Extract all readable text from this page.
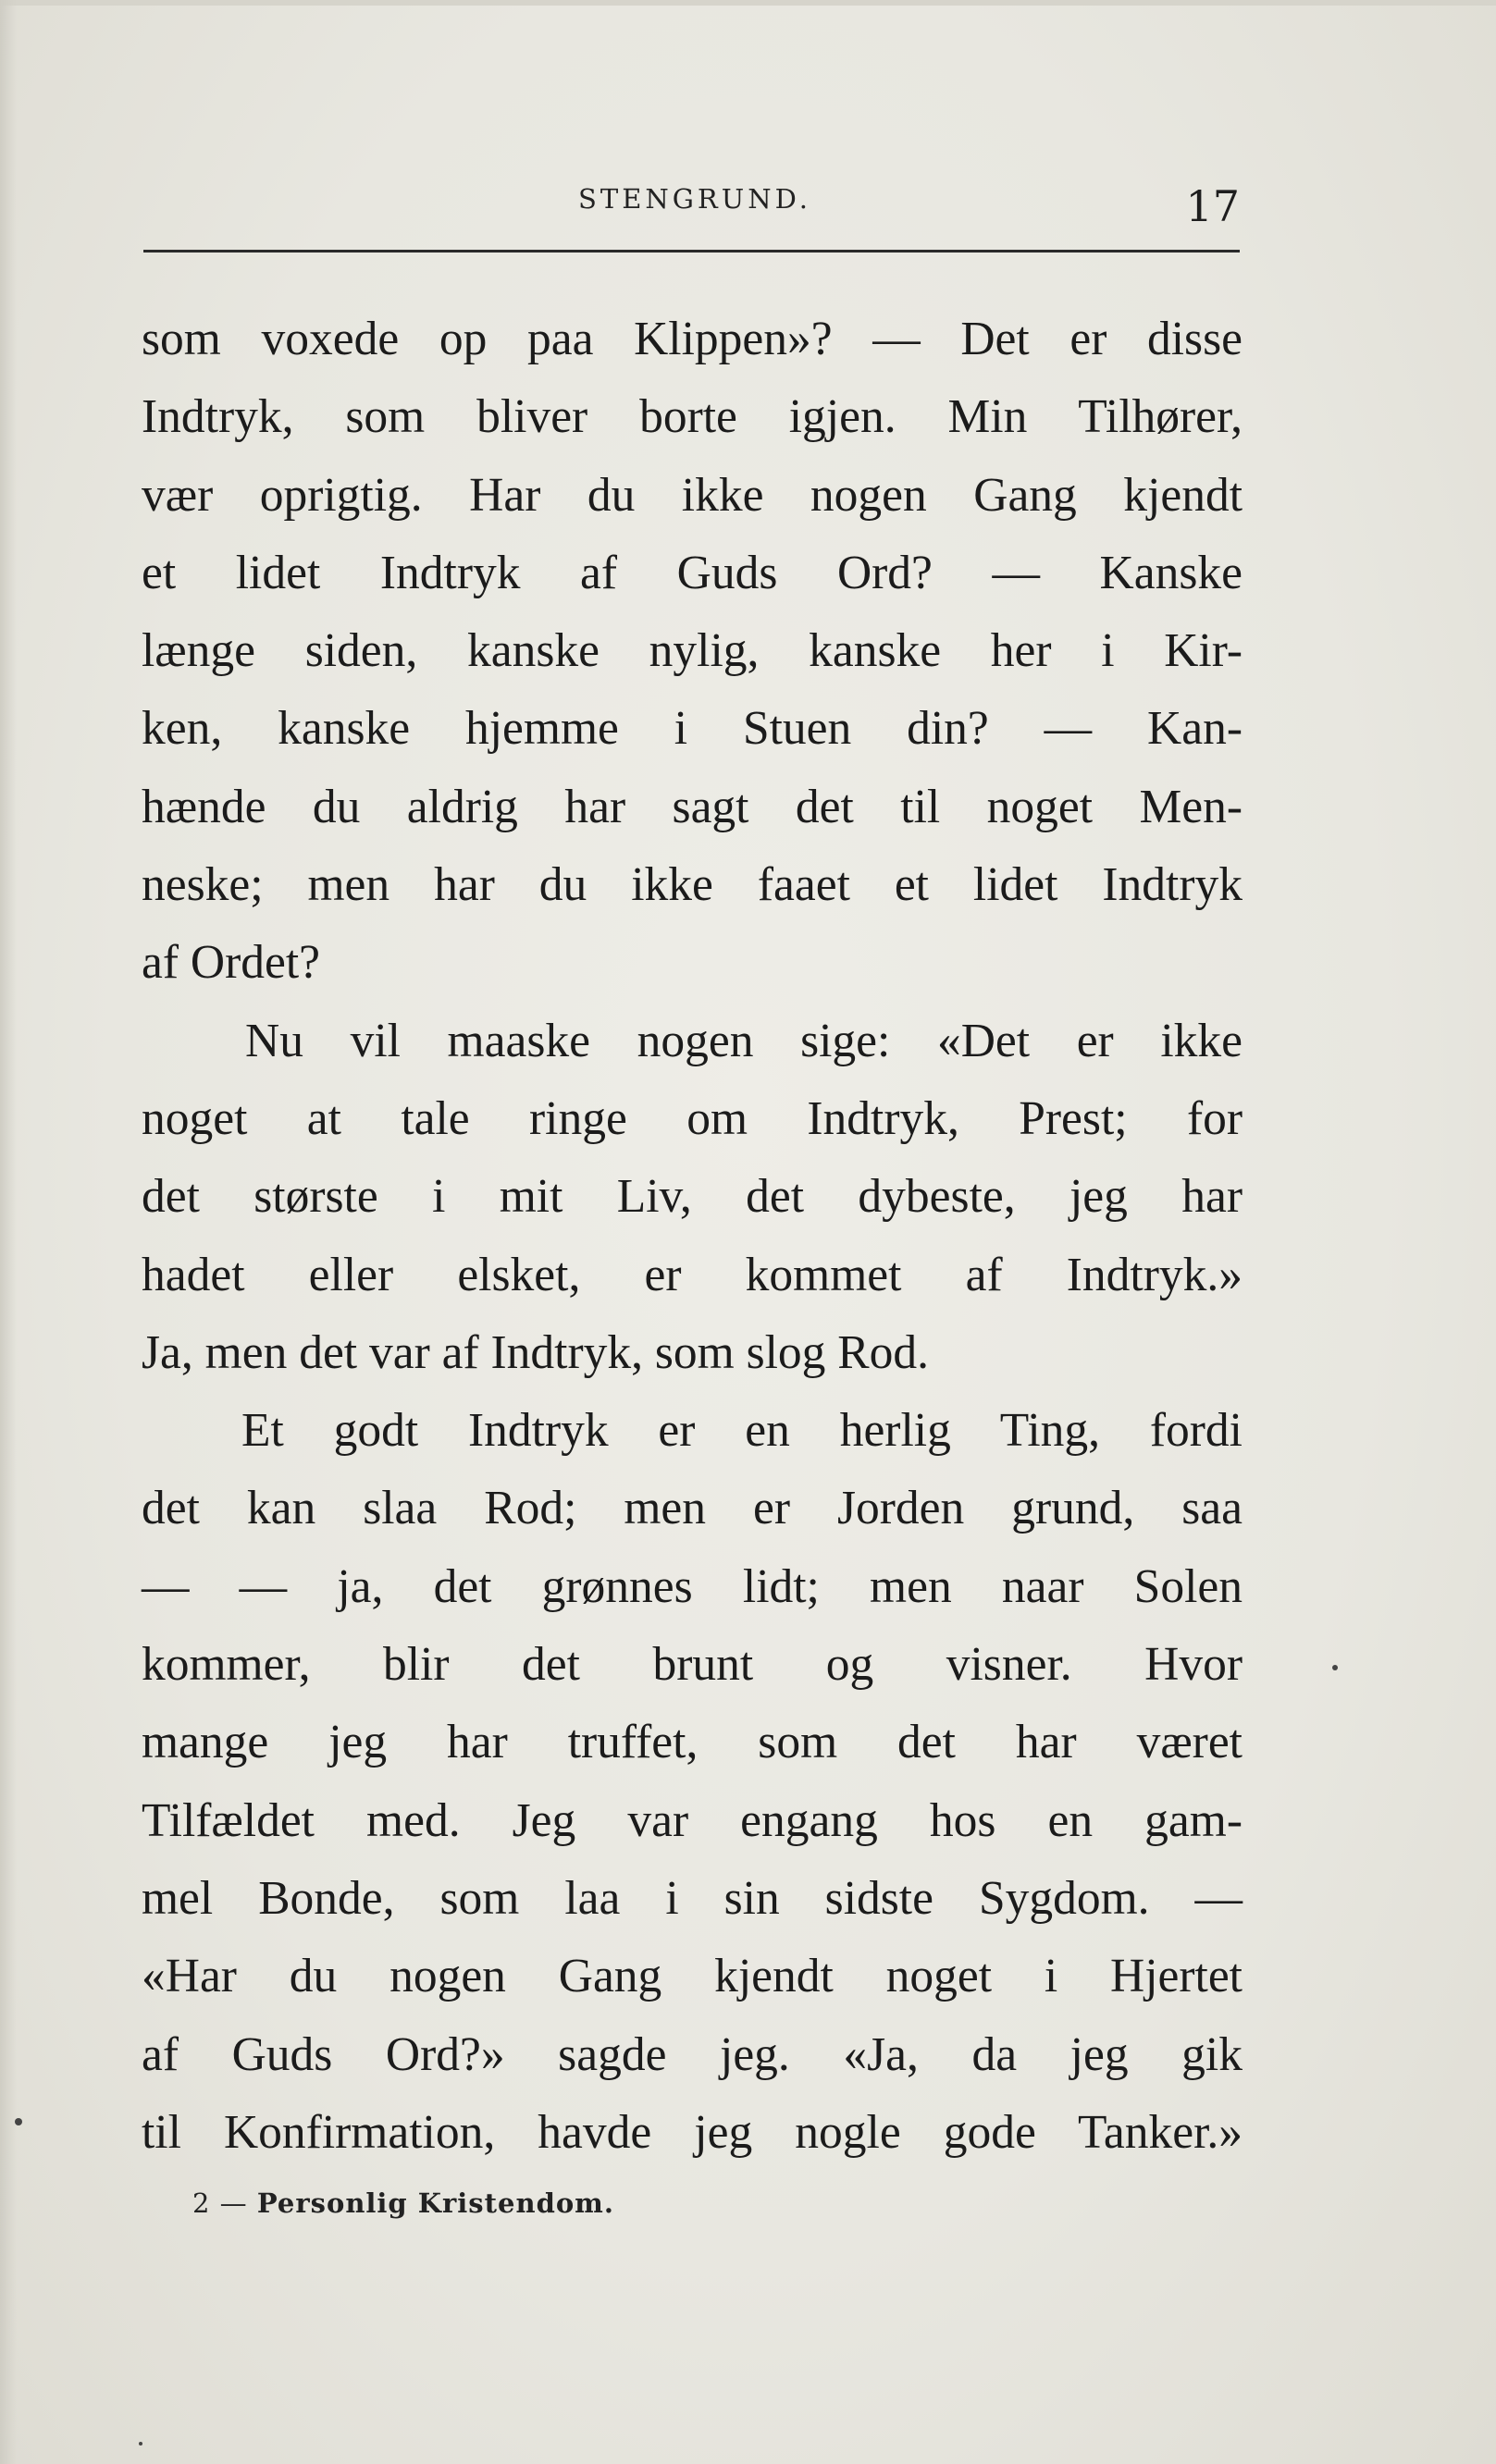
STENGRUND.	17
som voxede op paa Klippen»? — Det er disse
Indtryk, som bliver borte igjen. Min Tilhører,
vær oprigtig. Har du ikke nogen Gang kjendt
et lidet Indtryk af Guds Ord? — Kanske
længe siden, kanske nylig, kanske her i Kir-
ken, kanske hjemme i Stuen din? — Kan-
hænde du aldrig har sagt det til noget Men-
neske; men har du ikke faaet et lidet Indtryk
af Ordet?
Nu vil maaske nogen sige: «Det er ikke
noget at tale ringe om Indtryk, Prest; for
det største i mit Liv, det dybeste, jeg har
hadet eller elsket, er kommet af Indtryk.»
Ja, men det var af Indtryk, som slog Rod.
Et godt Indtryk er en herlig Ting, fordi
det kan slaa Rod; men er Jorden grund, saa
— — ja, det grønnes lidt; men naar Solen
kommer, blir det brunt og visner. Hvor
mange jeg har truffet, som det har været
Tilfældet med. Jeg var engang hos en gam-
mel Bonde, som laa i sin sidste Sygdom. —
«Har du nogen Gang kjendt noget i Hjertet
af Guds Ord?» sagde jeg. «Ja, da jeg gik
til Konfirmation, havde jeg nogle gode Tanker.»
2 — Personlig Kristendom.
